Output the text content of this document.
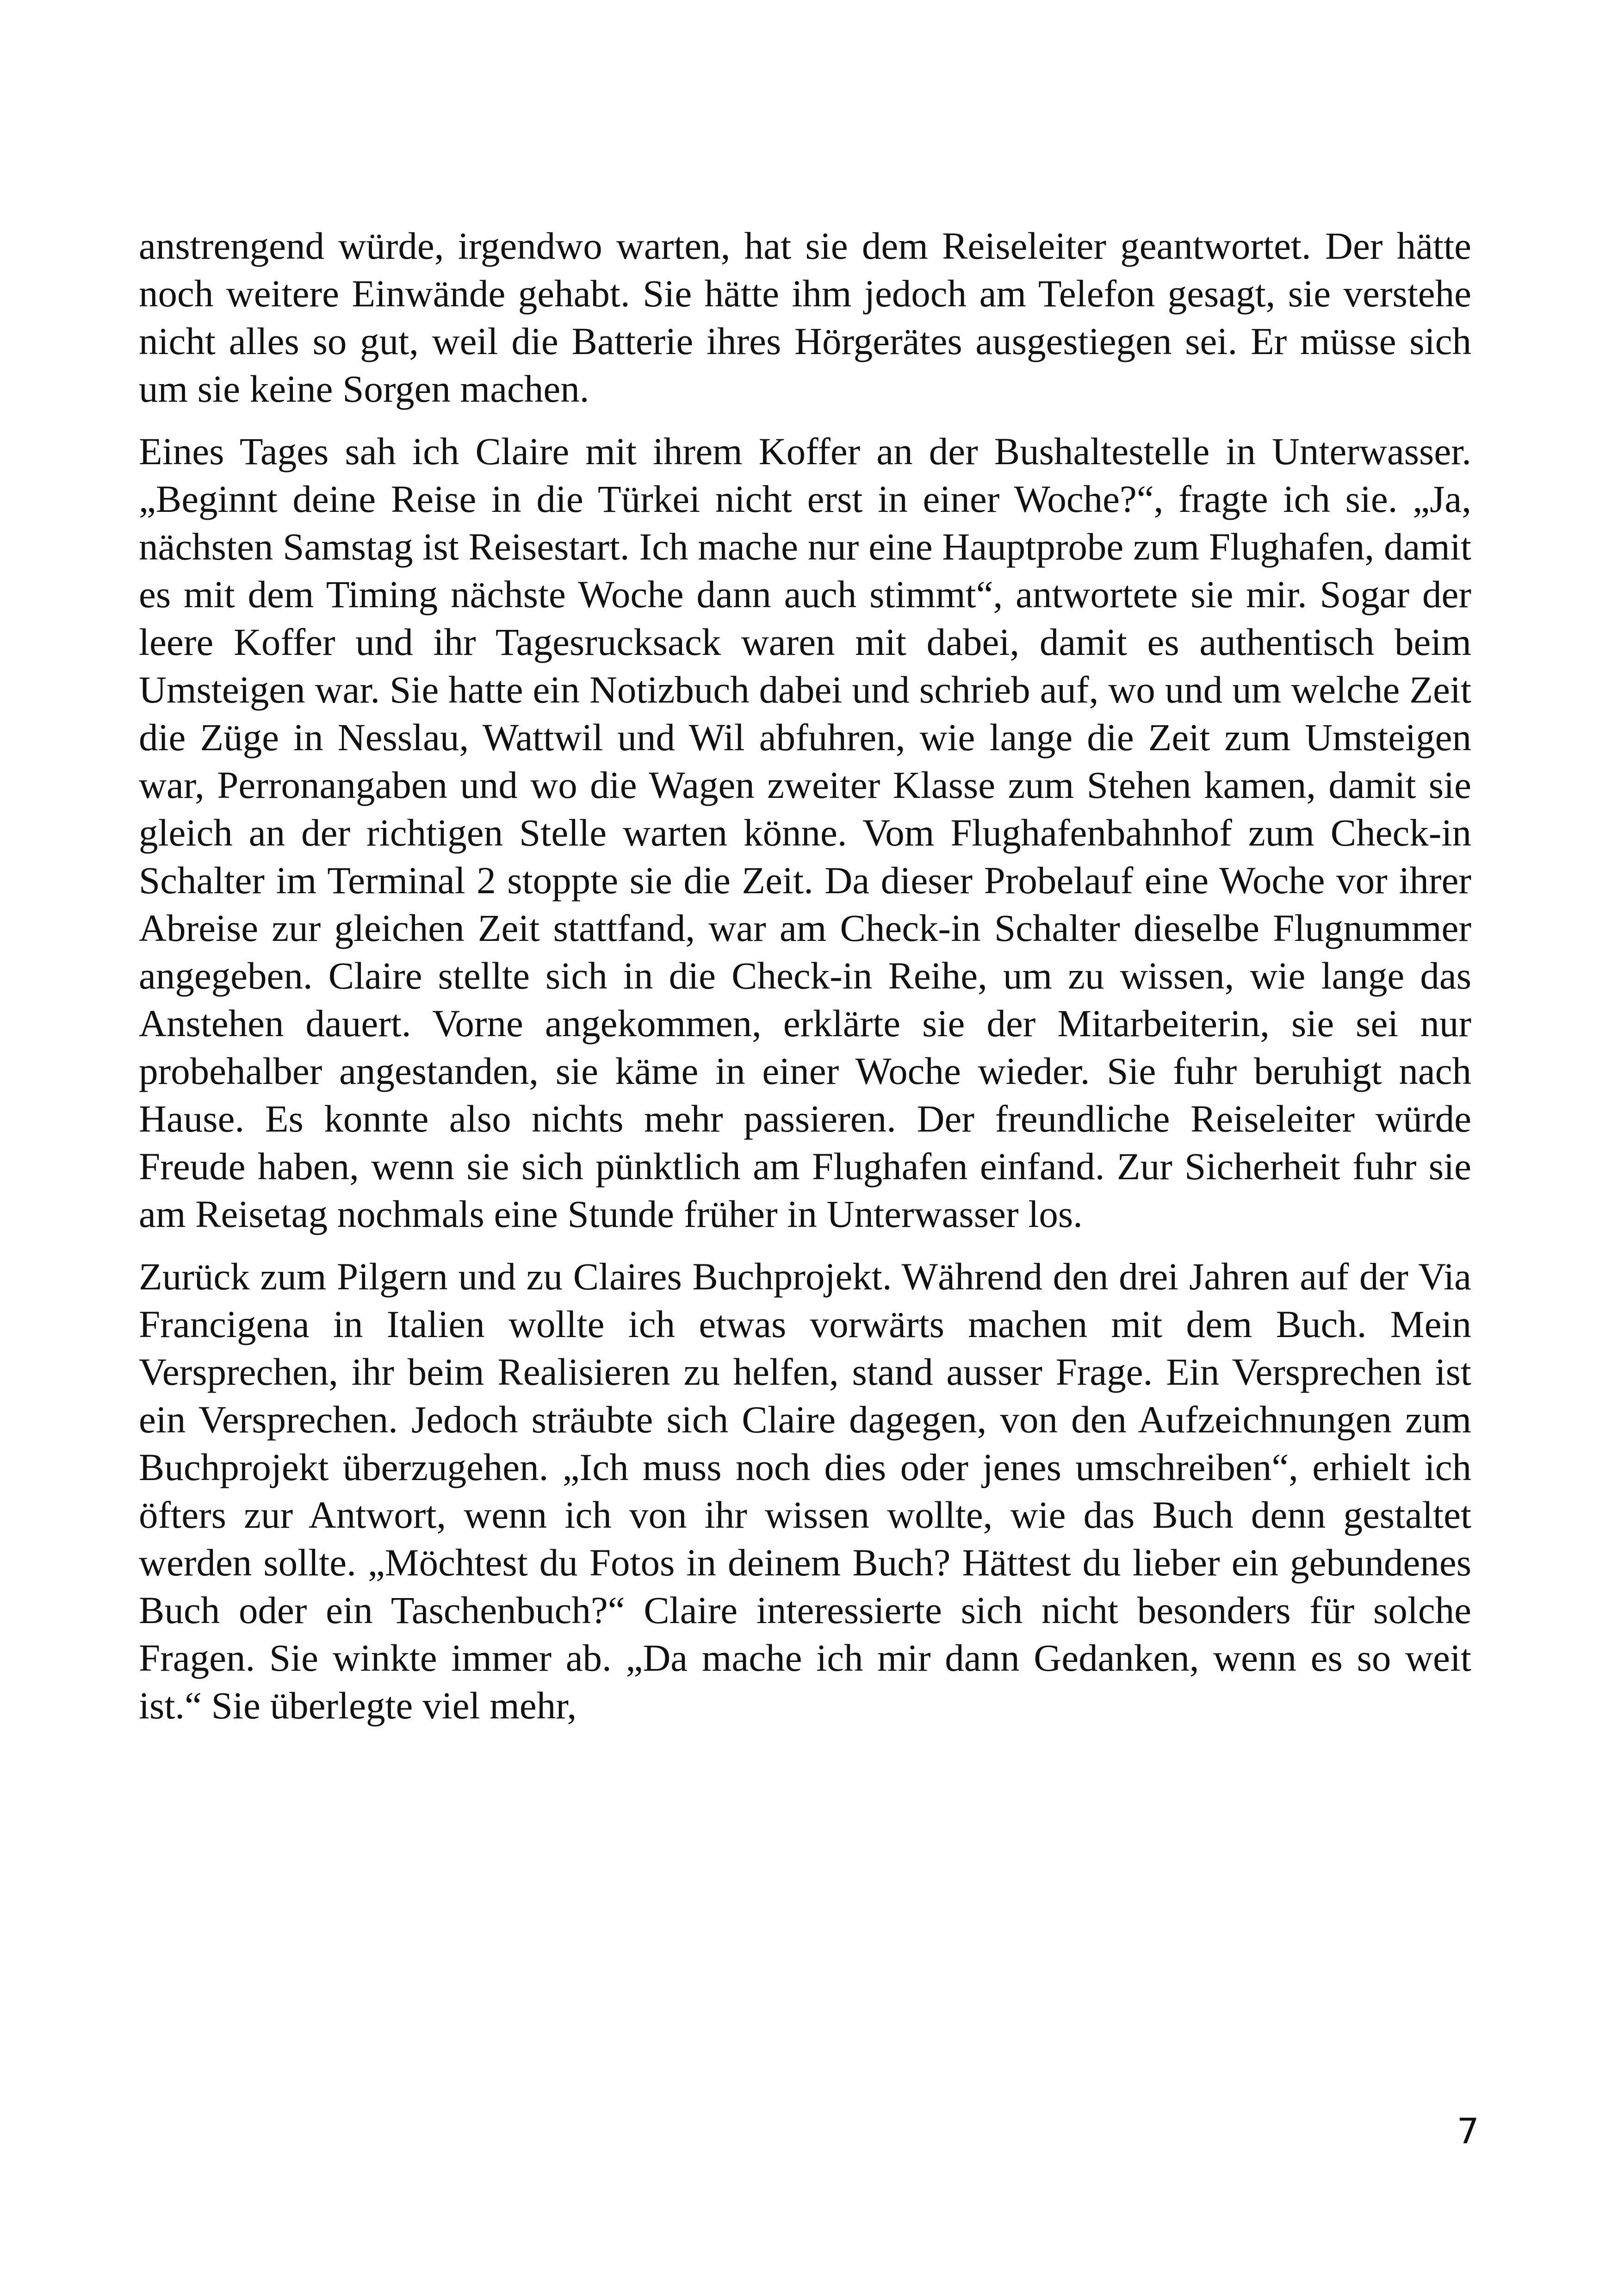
anstrengend würde, irgendwo warten, hat sie dem Reiseleiter geantwortet. Der hätte noch weitere Einwände gehabt. Sie hätte ihm jedoch am Telefon gesagt, sie verstehe nicht alles so gut, weil die Batterie ihres Hörgerätes ausgestiegen sei. Er müsse sich um sie keine Sorgen machen.

Eines Tages sah ich Claire mit ihrem Koffer an der Bushaltestelle in Unterwasser. „Beginnt deine Reise in die Türkei nicht erst in einer Woche?“, fragte ich sie. „Ja, nächsten Samstag ist Reisestart. Ich mache nur eine Hauptprobe zum Flughafen, damit es mit dem Timing nächste Woche dann auch stimmt“, antwortete sie mir. Sogar der leere Koffer und ihr Tagesrucksack waren mit dabei, damit es authentisch beim Umsteigen war. Sie hatte ein Notizbuch dabei und schrieb auf, wo und um welche Zeit die Züge in Nesslau, Wattwil und Wil abfuhren, wie lange die Zeit zum Umsteigen war, Perronangaben und wo die Wagen zweiter Klasse zum Stehen kamen, damit sie gleich an der richtigen Stelle warten könne. Vom Flughafenbahnhof zum Check-in Schalter im Terminal 2 stoppte sie die Zeit. Da dieser Probelauf eine Woche vor ihrer Abreise zur gleichen Zeit stattfand, war am Check-in Schalter dieselbe Flugnummer angegeben. Claire stellte sich in die Check-in Reihe, um zu wissen, wie lange das Anstehen dauert. Vorne angekommen, erklärte sie der Mitarbeiterin, sie sei nur probehalber angestanden, sie käme in einer Woche wieder. Sie fuhr beruhigt nach Hause. Es konnte also nichts mehr passieren. Der freundliche Reiseleiter würde Freude haben, wenn sie sich pünktlich am Flughafen einfand. Zur Sicherheit fuhr sie am Reisetag nochmals eine Stunde früher in Unterwasser los.

Zurück zum Pilgern und zu Claires Buchprojekt. Während den drei Jahren auf der Via Francigena in Italien wollte ich etwas vorwärts machen mit dem Buch. Mein Versprechen, ihr beim Realisieren zu helfen, stand ausser Frage. Ein Versprechen ist ein Versprechen. Jedoch sträubte sich Claire dagegen, von den Aufzeichnungen zum Buchprojekt überzugehen. „Ich muss noch dies oder jenes umschreiben“, erhielt ich öfters zur Antwort, wenn ich von ihr wissen wollte, wie das Buch denn gestaltet werden sollte. „Möchtest du Fotos in deinem Buch? Hättest du lieber ein gebundenes Buch oder ein Taschenbuch?“ Claire interessierte sich nicht besonders für solche Fragen. Sie winkte immer ab. „Da mache ich mir dann Gedanken, wenn es so weit ist.“ Sie überlegte viel mehr,

7
